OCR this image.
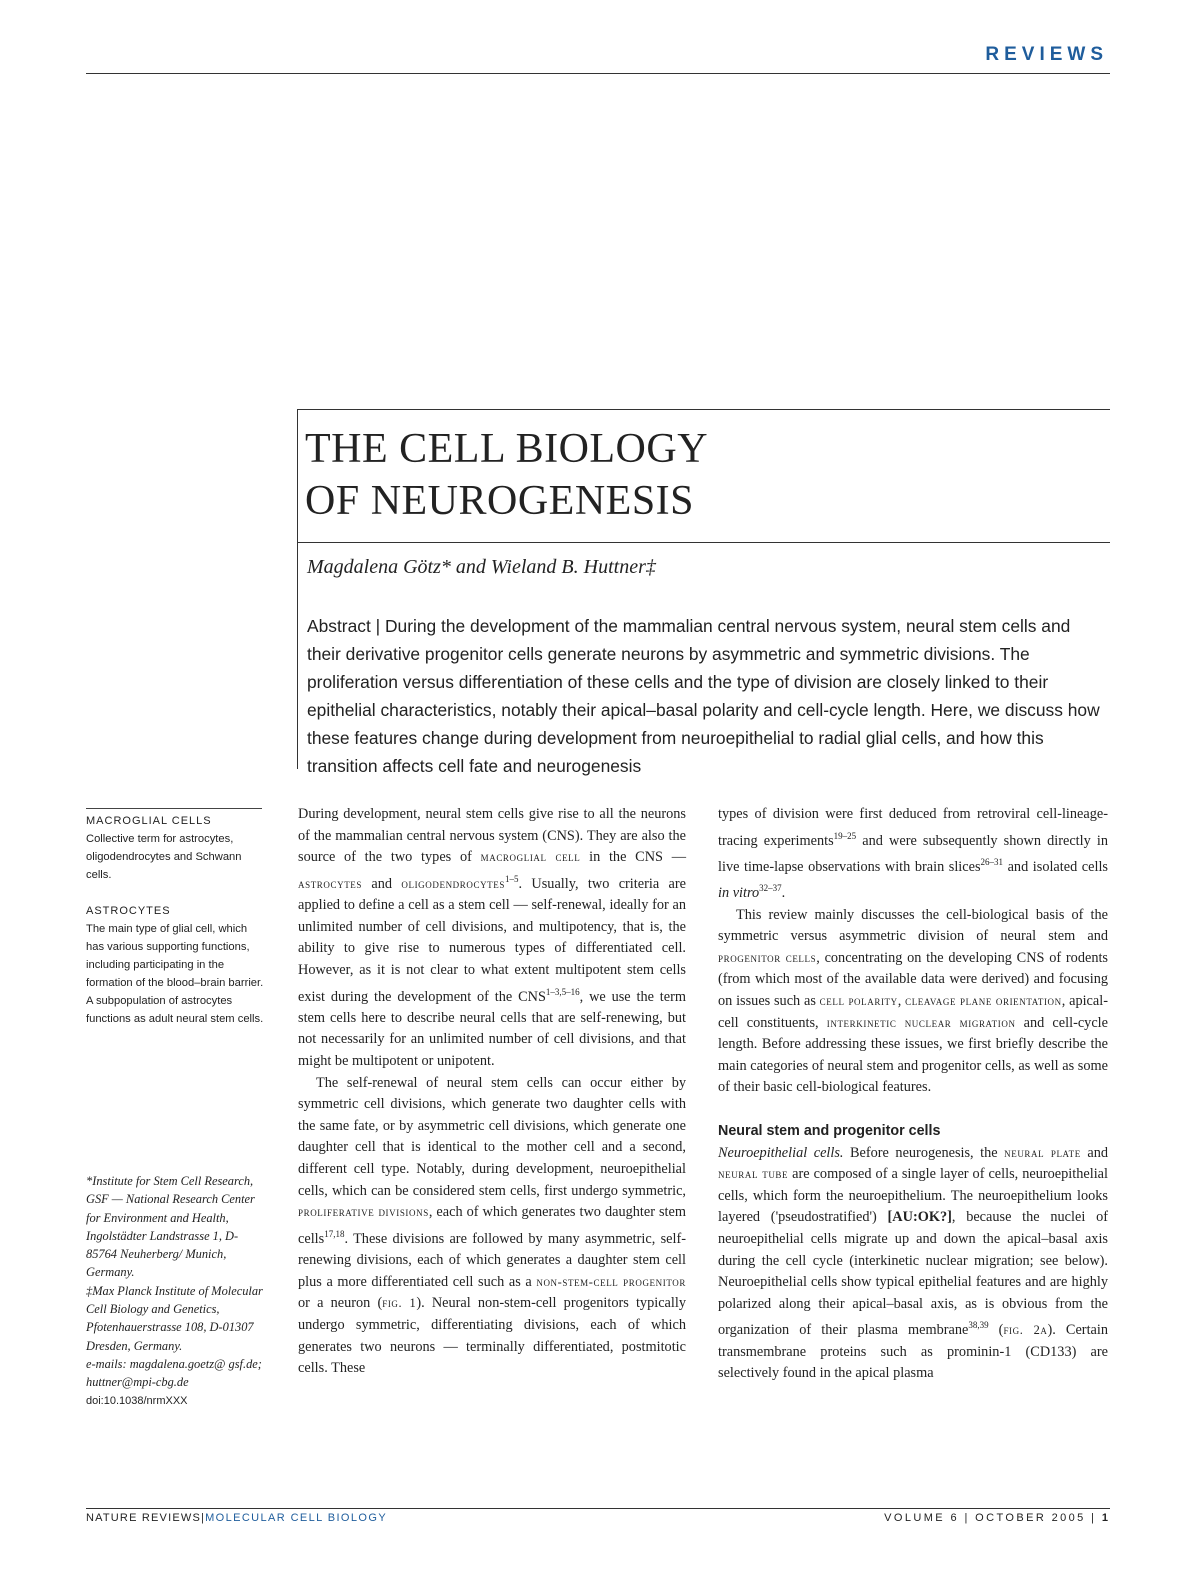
REVIEWS
THE CELL BIOLOGY
OF NEUROGENESIS
Magdalena Götz* and Wieland B. Huttner‡

Abstract | During the development of the mammalian central nervous system, neural stem cells and their derivative progenitor cells generate neurons by asymmetric and symmetric divisions. The proliferation versus differentiation of these cells and the type of division are closely linked to their epithelial characteristics, notably their apical–basal polarity and cell-cycle length. Here, we discuss how these features change during development from neuroepithelial to radial glial cells, and how this transition affects cell fate and neurogenesis

MACROGLIAL CELLS
Collective term for astrocytes, oligodendrocytes and Schwann cells.
ASTROCYTES
The main type of glial cell, which has various supporting functions, including participating in the formation of the blood–brain barrier. A subpopulation of astrocytes functions as adult neural stem cells.
*Institute for Stem Cell Research, GSF — National Research Center for Environment and Health, Ingolstädter Landstrasse 1, D-85764 Neuherberg/ Munich, Germany.
‡Max Planck Institute of Molecular Cell Biology and Genetics, Pfotenhauerstrasse 108, D-01307 Dresden, Germany.
e-mails: magdalena.goetz@ gsf.de; huttner@mpi-cbg.de
doi:10.1038/nrmXXX

During development, neural stem cells give rise to all the neurons of the mammalian central nervous system (CNS). They are also the source of the two types of macroglial cell in the CNS — astrocytes and oligodendrocytes$^{1-5}$. Usually, two criteria are applied to define a cell as a stem cell — self-renewal, ideally for an unlimited number of cell divisions, and multipotency, that is, the ability to give rise to numerous types of differentiated cell. However, as it is not clear to what extent multipotent stem cells exist during the development of the CNS$^{1-3,5-16}$, we use the term stem cells here to describe neural cells that are self-renewing, but not necessarily for an unlimited number of cell divisions, and that might be multipotent or unipotent.

The self-renewal of neural stem cells can occur either by symmetric cell divisions, which generate two daughter cells with the same fate, or by asymmetric cell divisions, which generate one daughter cell that is identical to the mother cell and a second, different cell type. Notably, during development, neuroepithelial cells, which can be considered stem cells, first undergo symmetric, proliferative divisions, each of which generates two daughter stem cells$^{17,18}$. These divisions are followed by many asymmetric, self-renewing divisions, each of which generates a daughter stem cell plus a more differentiated cell such as a non-stem-cell progenitor or a neuron (fig. 1). Neural non-stem-cell progenitors typically undergo symmetric, differentiating divisions, each of which generates two neurons — terminally differentiated, postmitotic cells. These

types of division were first deduced from retroviral cell-lineage-tracing experiments$^{19-25}$ and were subsequently shown directly in live time-lapse observations with brain slices$^{26-31}$ and isolated cells in vitro$^{32-37}$.

This review mainly discusses the cell-biological basis of the symmetric versus asymmetric division of neural stem and progenitor cells, concentrating on the developing CNS of rodents (from which most of the available data were derived) and focusing on issues such as cell polarity, cleavage plane orientation, apical-cell constituents, interkinetic nuclear migration and cell-cycle length. Before addressing these issues, we first briefly describe the main categories of neural stem and progenitor cells, as well as some of their basic cell-biological features.

Neural stem and progenitor cells

Neuroepithelial cells. Before neurogenesis, the neural plate and neural tube are composed of a single layer of cells, neuroepithelial cells, which form the neuroepithelium. The neuroepithelium looks layered ('pseudostratified') [AU:OK?], because the nuclei of neuroepithelial cells migrate up and down the apical–basal axis during the cell cycle (interkinetic nuclear migration; see below). Neuroepithelial cells show typical epithelial features and are highly polarized along their apical–basal axis, as is obvious from the organization of their plasma membrane$^{38,39}$ (fig. 2a). Certain transmembrane proteins such as prominin-1 (CD133) are selectively found in the apical plasma

NATURE REVIEWS|MOLECULAR CELL BIOLOGY	VOLUME 6 | OCTOBER 2005 | 1
